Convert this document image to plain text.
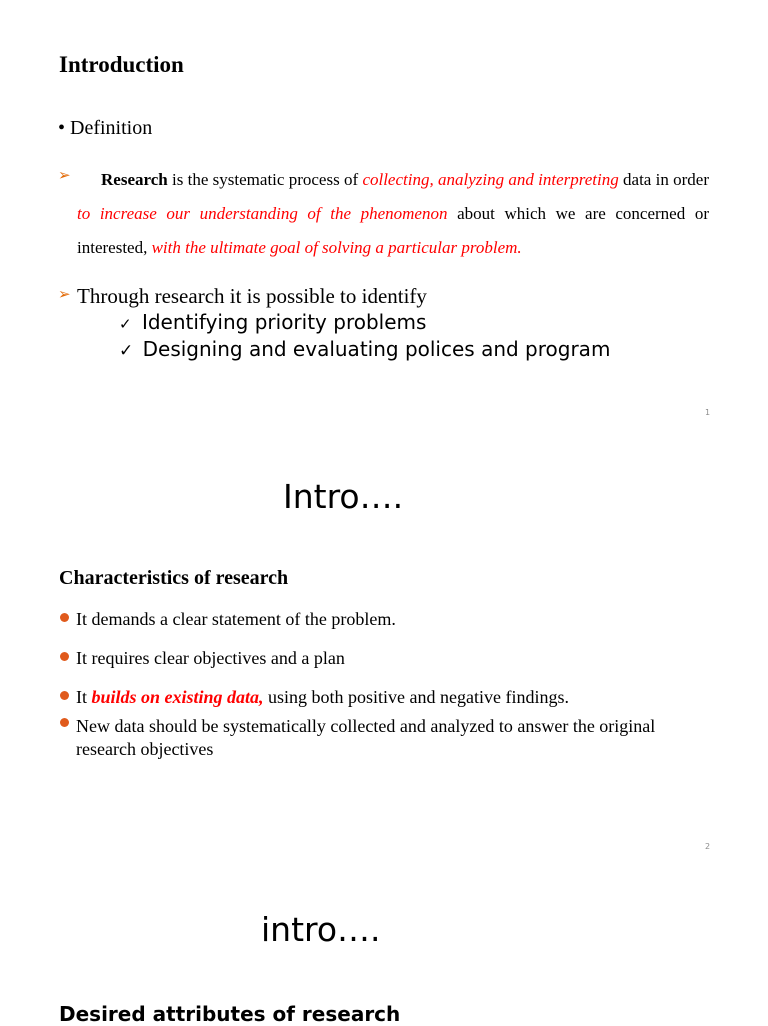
Introduction
• Definition
➢	Research is the systematic process of collecting, analyzing and interpreting data in order to increase our understanding of the phenomenon about which we are concerned or interested, with the ultimate goal of solving a particular problem.
➢ Through research it is possible to identify
✓ Identifying priority problems
✓ Designing and evaluating polices and program
1
Intro….
Characteristics of research
It demands a clear statement of the problem.
It requires clear objectives and a plan
It builds on existing data, using both positive and negative findings.
New data should be systematically collected and analyzed to answer the original research objectives
2
intro….
Desired attributes of research
